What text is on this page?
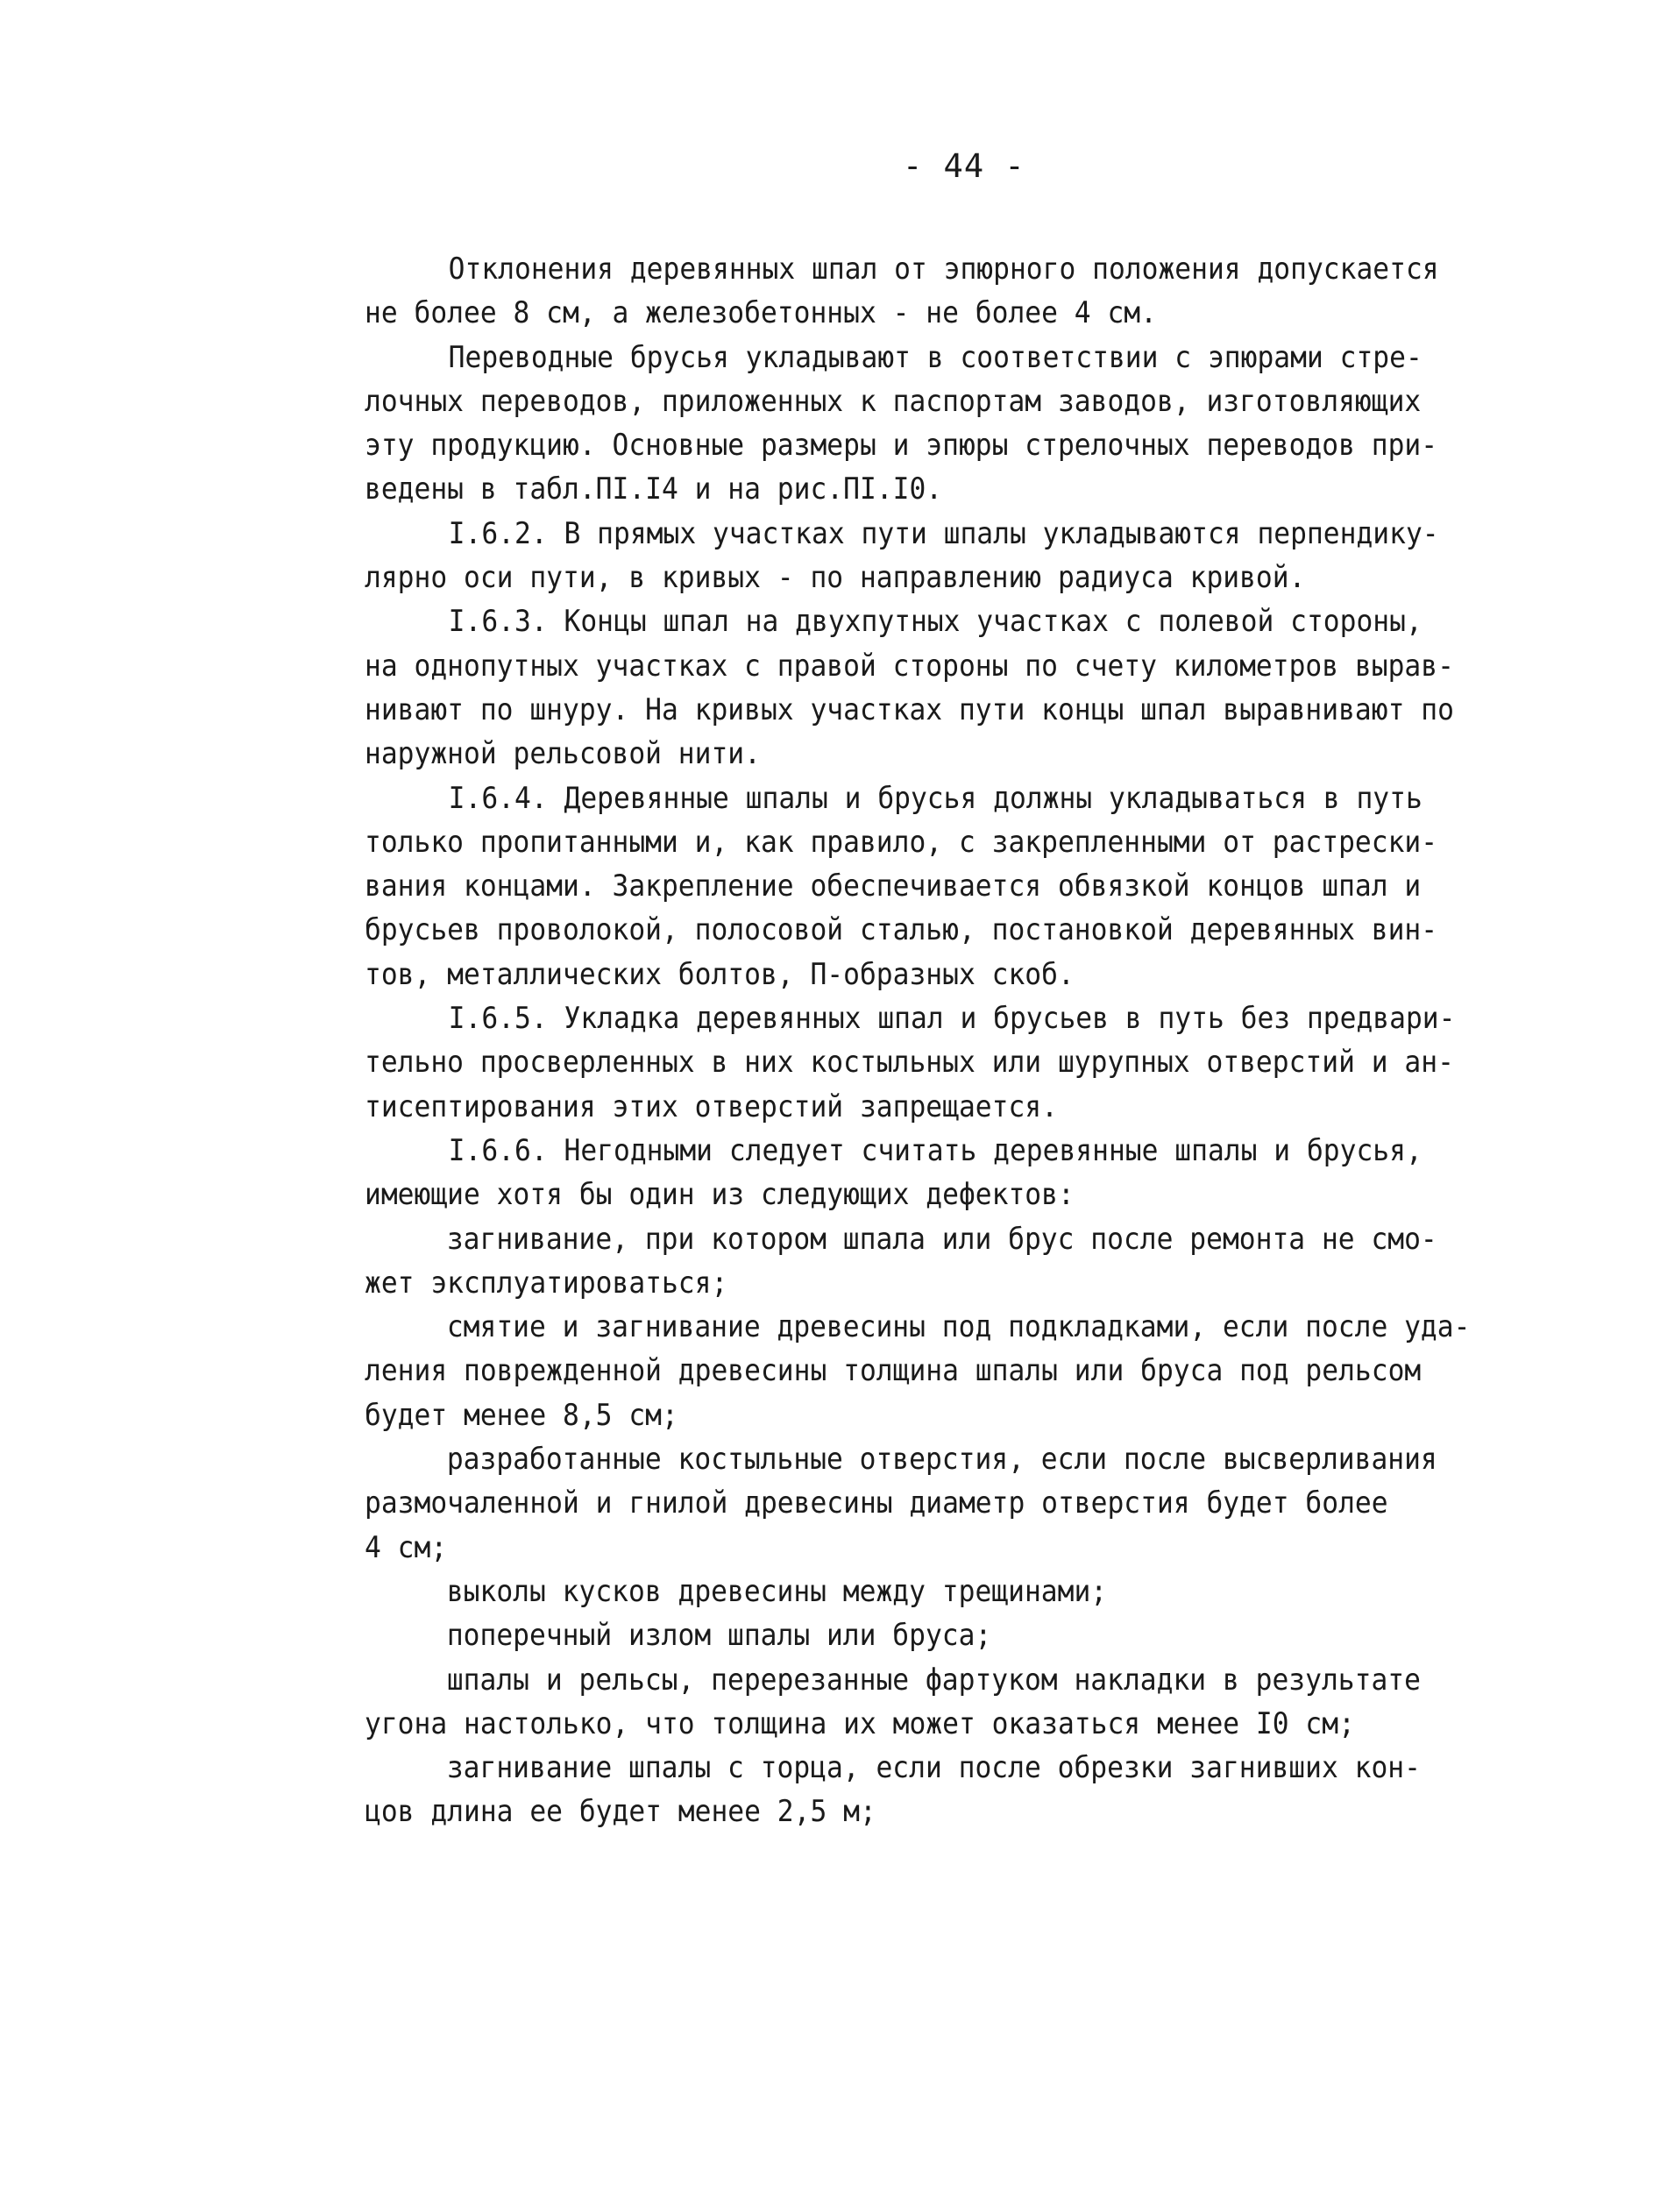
- 44 -
Отклонения деревянных шпал от эпюрного положения допускается
не более 8 см, а железобетонных - не более 4 см.
Переводные брусья укладывают в соответствии с эпюрами стре-
лочных переводов, приложенных к паспортам заводов, изготовляющих
эту продукцию. Основные размеры и эпюры стрелочных переводов при-
ведены в табл.ПI.I4 и на рис.ПI.I0.
I.6.2. В прямых участках пути шпалы укладываются перпендику-
лярно оси пути, в кривых - по направлению радиуса кривой.
I.6.3. Концы шпал на двухпутных участках с полевой стороны,
на однопутных участках с правой стороны по счету километров вырав-
нивают по шнуру. На кривых участках пути концы шпал выравнивают по
наружной рельсовой нити.
I.6.4. Деревянные шпалы и брусья должны укладываться в путь
только пропитанными и, как правило, с закрепленными от растрески-
вания концами. Закрепление обеспечивается обвязкой концов шпал и
брусьев проволокой, полосовой сталью, постановкой деревянных вин-
тов, металлических болтов, П-образных скоб.
I.6.5. Укладка деревянных шпал и брусьев в путь без предвари-
тельно просверленных в них костыльных или шурупных отверстий и ан-
тисептирования этих отверстий запрещается.
I.6.6. Негодными следует считать деревянные шпалы и брусья,
имеющие хотя бы один из следующих дефектов:
загнивание, при котором шпала или брус после ремонта не смо-
жет эксплуатироваться;
смятие и загнивание древесины под подкладками, если после уда-
ления поврежденной древесины толщина шпалы или бруса под рельсом
будет менее 8,5 см;
разработанные костыльные отверстия, если после высверливания
размочаленной и гнилой древесины диаметр отверстия будет более
4 см;
выколы кусков древесины между трещинами;
поперечный излом шпалы или бруса;
шпалы и рельсы, перерезанные фартуком накладки в результате
угона настолько, что толщина их может оказаться менее I0 см;
загнивание шпалы с торца, если после обрезки загнивших кон-
цов длина ее будет менее 2,5 м;
